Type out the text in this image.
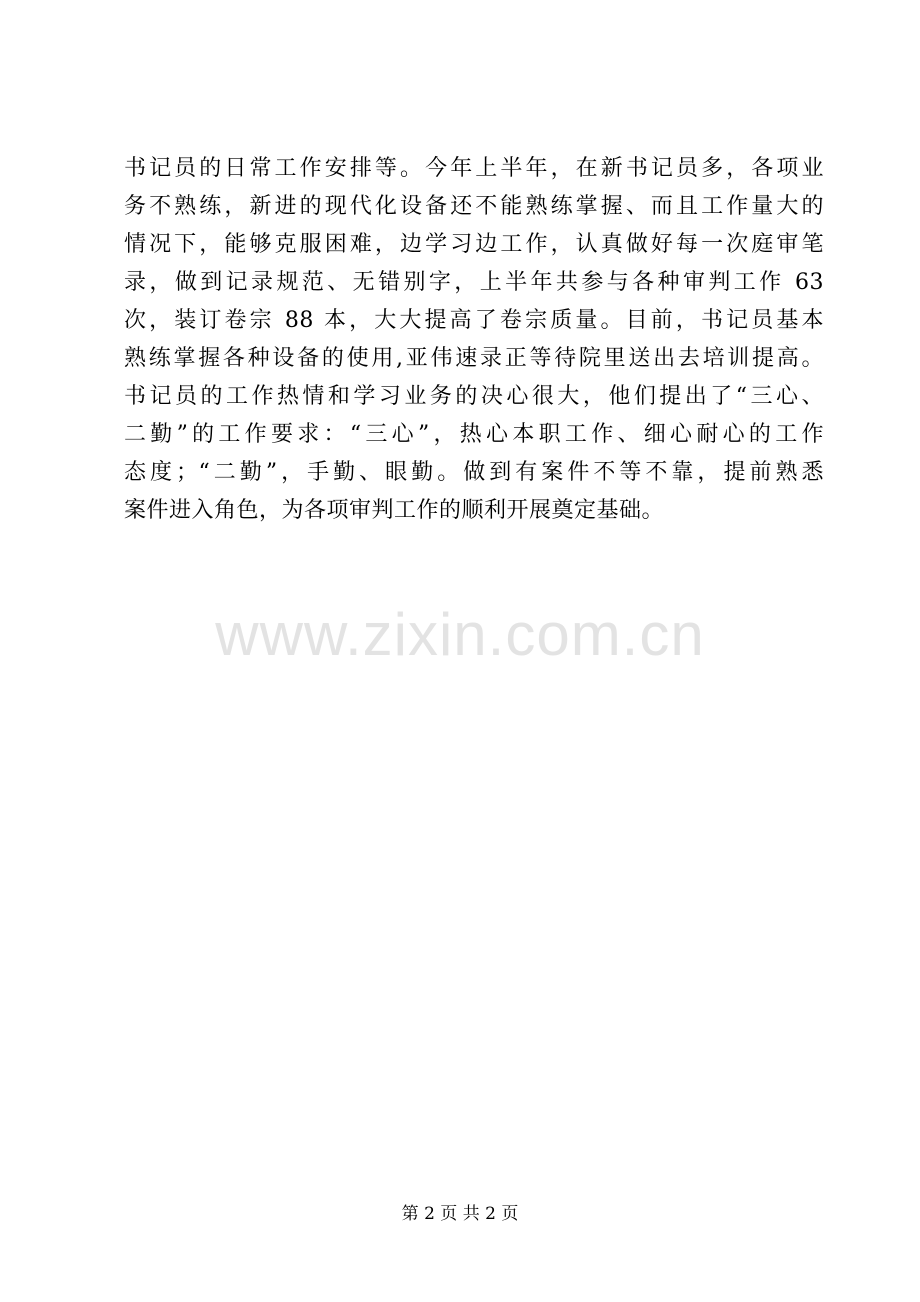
书记员的日常工作安排等。今年上半年，在新书记员多，各项业
务不熟练，新进的现代化设备还不能熟练掌握、而且工作量大的
情况下，能够克服困难，边学习边工作，认真做好每一次庭审笔
录，做到记录规范、无错别字，上半年共参与各种审判工作 63
次，装订卷宗 88 本，大大提高了卷宗质量。目前，书记员基本
熟练掌握各种设备的使用,亚伟速录正等待院里送出去培训提高。
书记员的工作热情和学习业务的决心很大，他们提出了“三心、
二勤”的工作要求：“三心”，热心本职工作、细心耐心的工作
态度；“二勤”，手勤、眼勤。做到有案件不等不靠，提前熟悉
案件进入角色，为各项审判工作的顺利开展奠定基础。
www.zixin.com.cn
第 2 页 共 2 页
